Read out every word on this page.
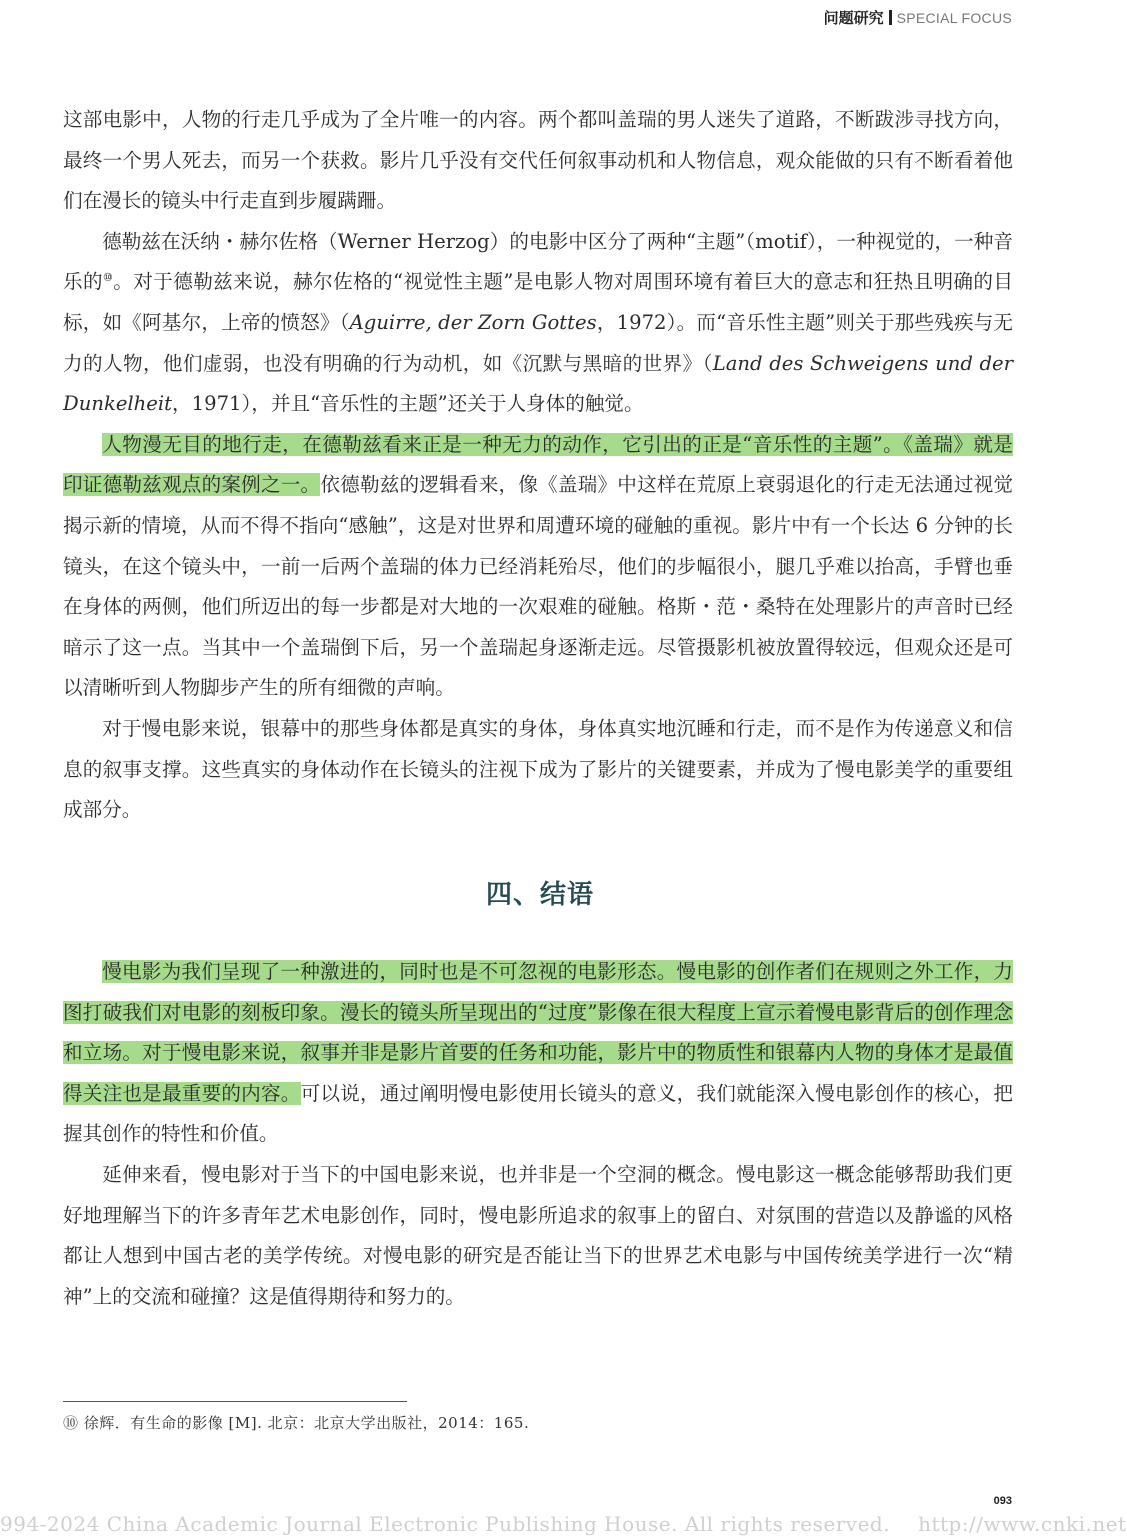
问题研究 SPECIAL FOCUS

这部电影中，人物的行走几乎成为了全片唯一的内容。两个都叫盖瑞的男人迷失了道路，不断跋涉寻找方向，最终一个男人死去，而另一个获救。影片几乎没有交代任何叙事动机和人物信息，观众能做的只有不断看着他们在漫长的镜头中行走直到步履蹒跚。

德勒兹在沃纳・赫尔佐格（Werner Herzog）的电影中区分了两种“主题”（motif），一种视觉的，一种音乐的⑩。对于德勒兹来说，赫尔佐格的“视觉性主题”是电影人物对周围环境有着巨大的意志和狂热且明确的目标，如《阿基尔，上帝的愤怒》（Aguirre, der Zorn Gottes，1972）。而“音乐性主题”则关于那些残疾与无力的人物，他们虚弱，也没有明确的行为动机，如《沉默与黑暗的世界》（Land des Schweigens und der Dunkelheit，1971），并且“音乐性的主题”还关于人身体的触觉。

人物漫无目的地行走，在德勒兹看来正是一种无力的动作，它引出的正是“音乐性的主题”。《盖瑞》就是印证德勒兹观点的案例之一。依德勒兹的逻辑看来，像《盖瑞》中这样在荒原上衰弱退化的行走无法通过视觉揭示新的情境，从而不得不指向“感触”，这是对世界和周遭环境的碰触的重视。影片中有一个长达 6 分钟的长镜头，在这个镜头中，一前一后两个盖瑞的体力已经消耗殆尽，他们的步幅很小，腿几乎难以抬高，手臂也垂在身体的两侧，他们所迈出的每一步都是对大地的一次艰难的碰触。格斯・范・桑特在处理影片的声音时已经暗示了这一点。当其中一个盖瑞倒下后，另一个盖瑞起身逐渐走远。尽管摄影机被放置得较远，但观众还是可以清晰听到人物脚步产生的所有细微的声响。

对于慢电影来说，银幕中的那些身体都是真实的身体，身体真实地沉睡和行走，而不是作为传递意义和信息的叙事支撑。这些真实的身体动作在长镜头的注视下成为了影片的关键要素，并成为了慢电影美学的重要组成部分。

四、结语

慢电影为我们呈现了一种激进的，同时也是不可忽视的电影形态。慢电影的创作者们在规则之外工作，力图打破我们对电影的刻板印象。漫长的镜头所呈现出的“过度”影像在很大程度上宣示着慢电影背后的创作理念和立场。对于慢电影来说，叙事并非是影片首要的任务和功能，影片中的物质性和银幕内人物的身体才是最值得关注也是最重要的内容。可以说，通过阐明慢电影使用长镜头的意义，我们就能深入慢电影创作的核心，把握其创作的特性和价值。

延伸来看，慢电影对于当下的中国电影来说，也并非是一个空洞的概念。慢电影这一概念能够帮助我们更好地理解当下的许多青年艺术电影创作，同时，慢电影所追求的叙事上的留白、对氛围的营造以及静谧的风格都让人想到中国古老的美学传统。对慢电影的研究是否能让当下的世界艺术电影与中国传统美学进行一次“精神”上的交流和碰撞？这是值得期待和努力的。

⑩ 徐辉．有生命的影像 [M]. 北京：北京大学出版社，2014：165.
093
994-2024 China Academic Journal Electronic Publishing House. All rights reserved. http://www.cnki.net
